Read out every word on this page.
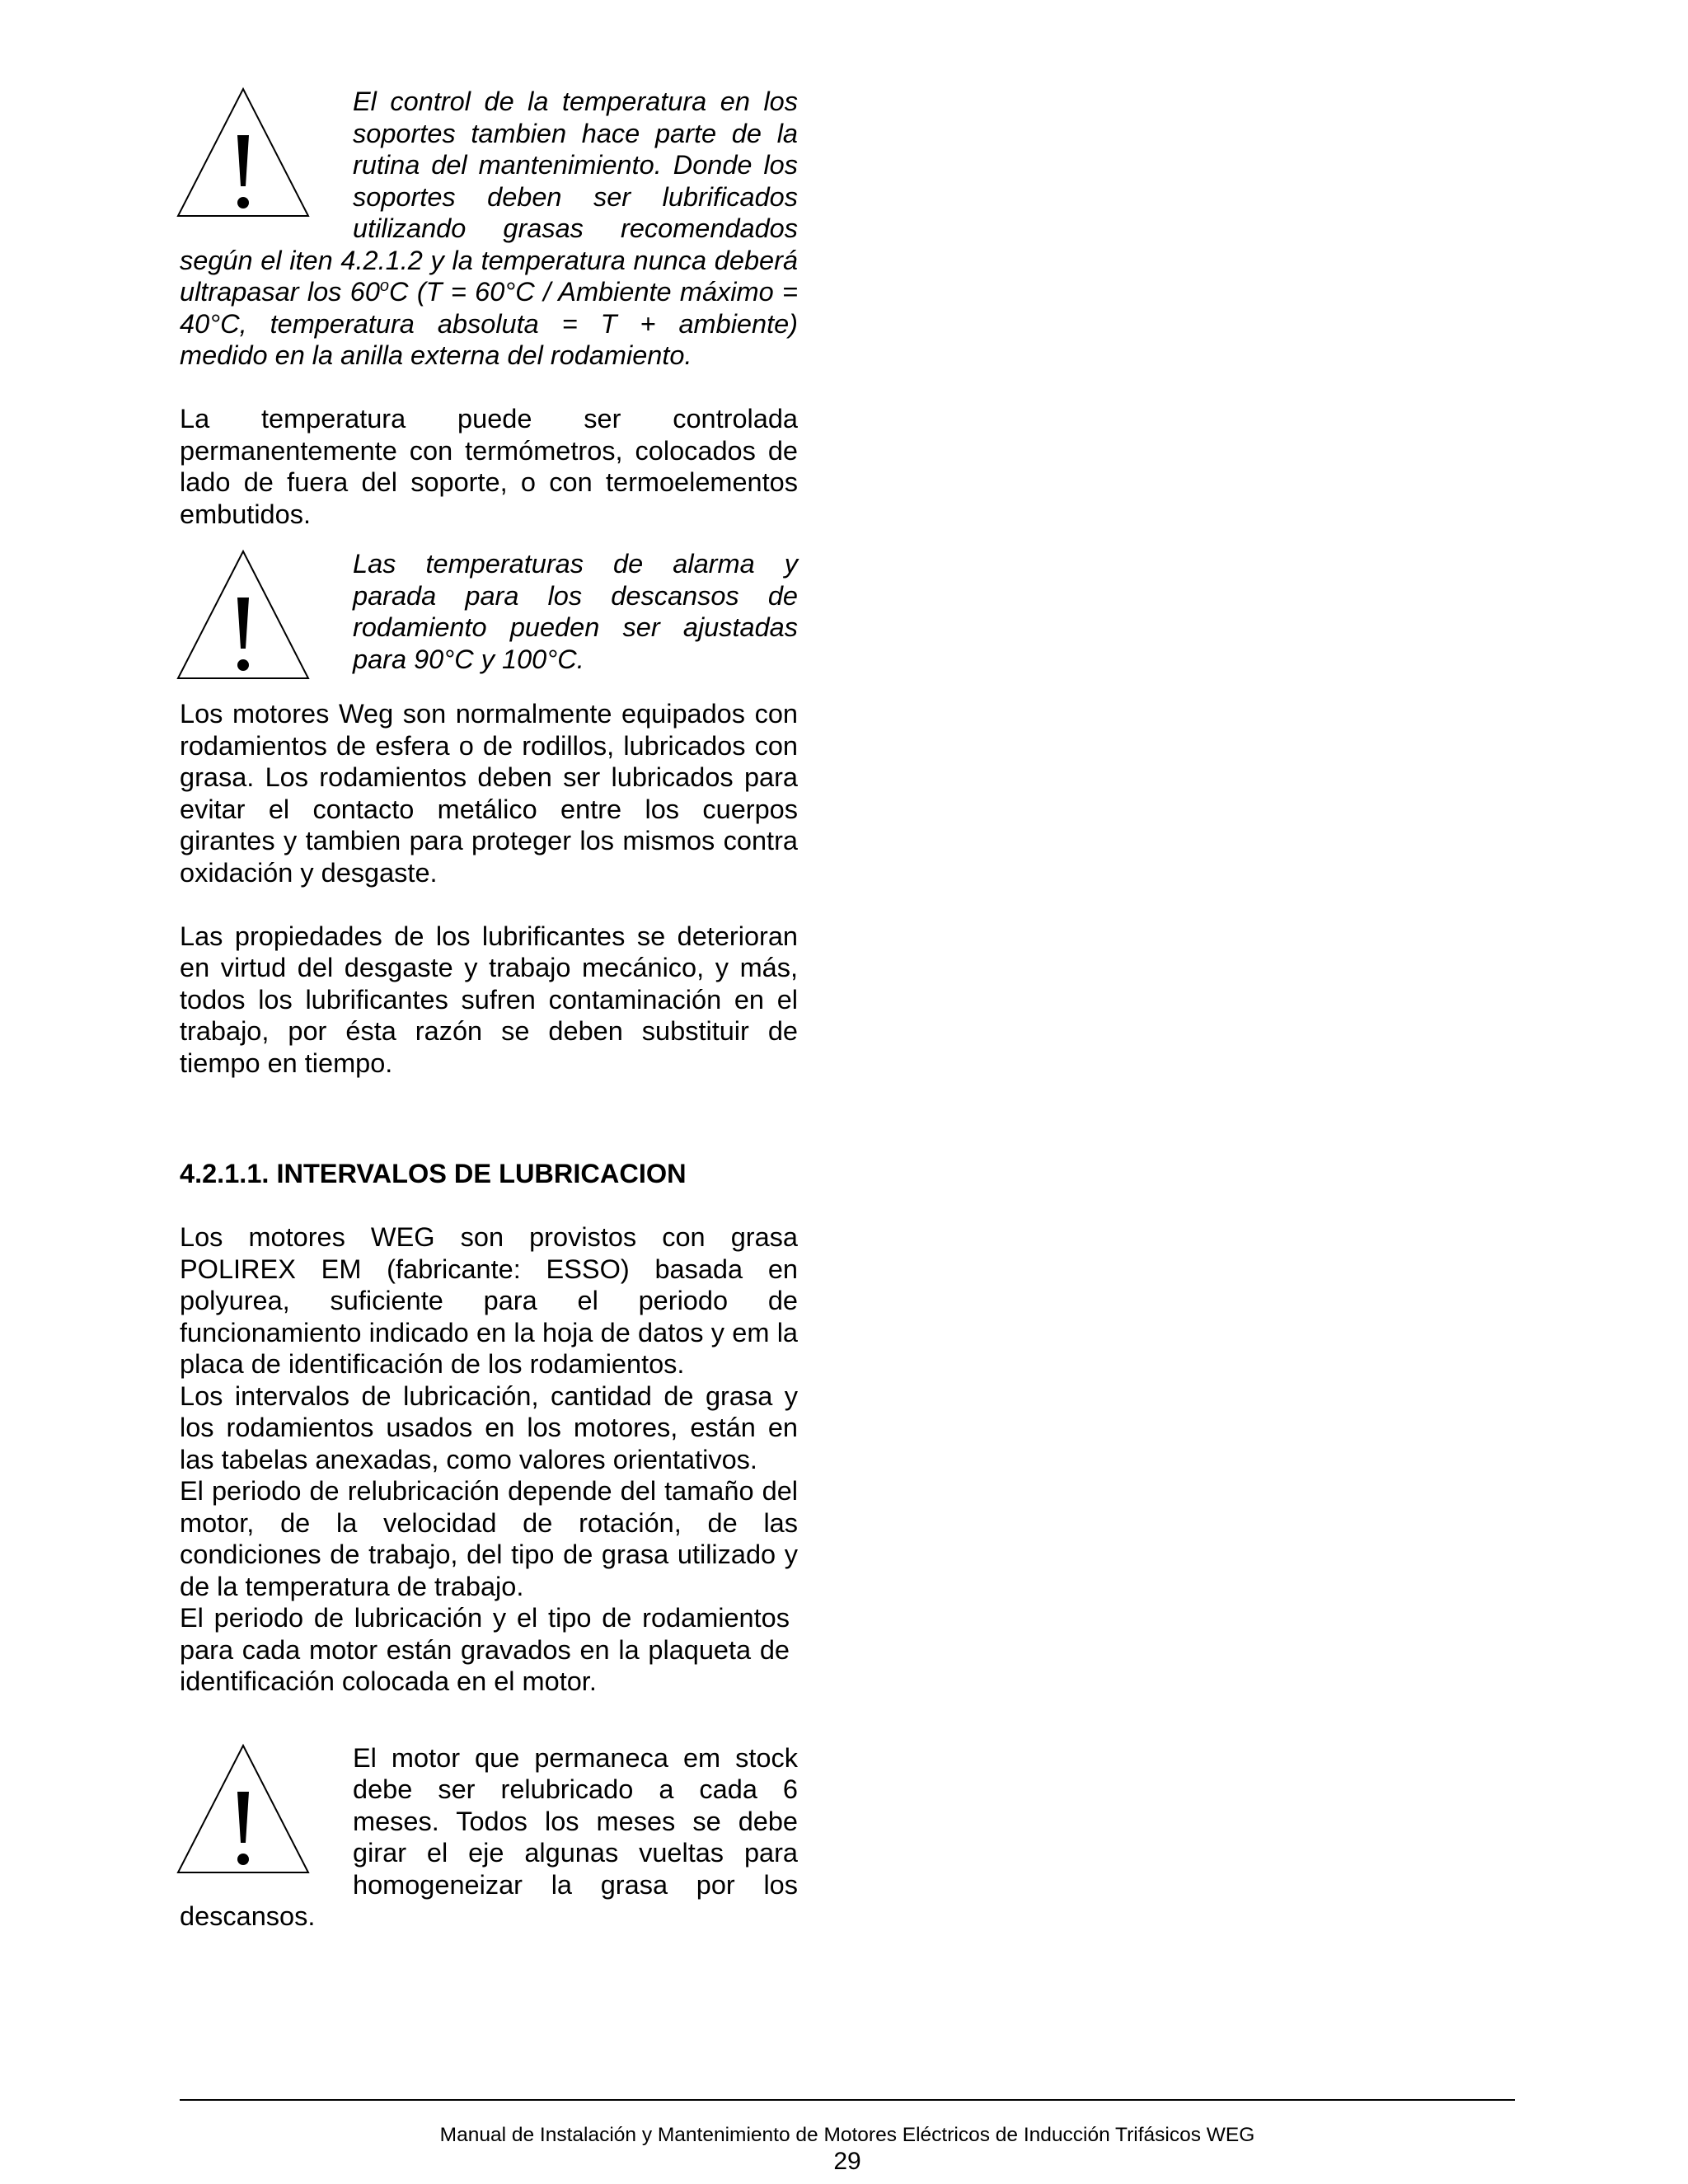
El control de la temperatura en los soportes tambien hace parte de la rutina del mantenimiento. Donde los soportes deben ser lubrificados utilizando grasas recomendados según el iten 4.2.1.2 y la temperatura nunca deberá ultrapasar los 60$^o$C (T = 60°C / Ambiente máximo = 40°C, temperatura absoluta = T + ambiente) medido en la anilla externa del rodamiento.

La temperatura puede ser controlada permanentemente con termómetros, colocados de lado de fuera del soporte, o con termoelementos embutidos.

Las temperaturas de alarma y parada para los descansos de rodamiento pueden ser ajustadas para 90°C y 100°C.

Los motores Weg son normalmente equipados con rodamientos de esfera o de rodillos, lubricados con grasa. Los rodamientos deben ser lubricados para evitar el contacto metálico entre los cuerpos girantes y tambien para proteger los mismos contra oxidación y desgaste.

Las propiedades de los lubrificantes se deterioran en virtud del desgaste y trabajo mecánico, y más, todos los lubrificantes sufren contaminación en el trabajo, por ésta razón se deben substituir de tiempo en tiempo.

4.2.1.1. INTERVALOS DE LUBRICACION

Los motores WEG son provistos con grasa POLIREX EM (fabricante: ESSO) basada en polyurea, suficiente para el periodo de funcionamiento indicado en la hoja de datos y em la placa de identificación de los rodamientos.

Los intervalos de lubricación, cantidad de grasa y los rodamientos usados en los motores, están en las tabelas anexadas, como valores orientativos.

El periodo de relubricación depende del tamaño del motor, de la velocidad de rotación, de las condiciones de trabajo, del tipo de grasa utilizado y de la temperatura de trabajo.

El periodo de lubricación y el tipo de rodamientos para cada motor están gravados en la plaqueta de identificación colocada en el motor.

El motor que permaneca em stock debe ser relubricado a cada 6 meses. Todos los meses se debe girar el eje algunas vueltas para homogeneizar la grasa por los descansos.
Manual de Instalación y Mantenimiento de Motores Eléctricos de Inducción Trifásicos WEG
29
